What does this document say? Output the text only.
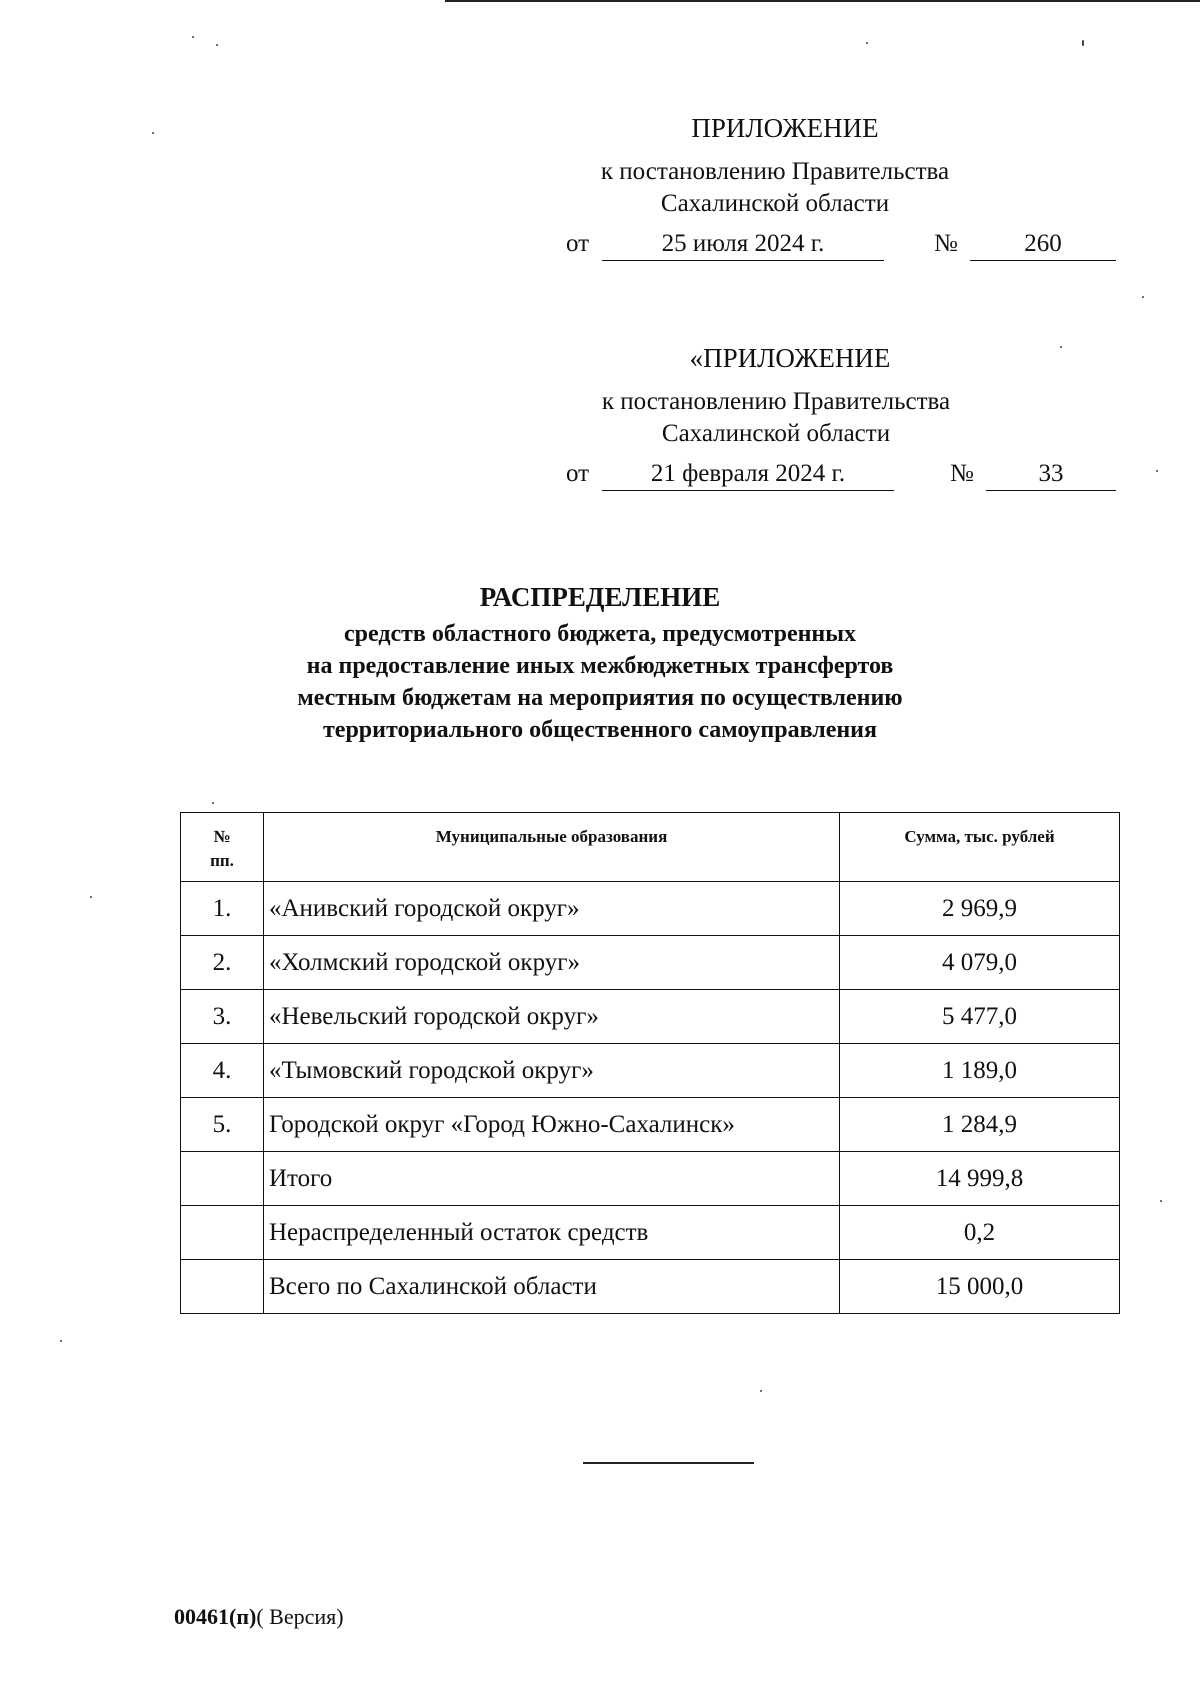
ПРИЛОЖЕНИЕ
к постановлению Правительства
Сахалинской области
от	25 июля 2024 г.	№	260
«ПРИЛОЖЕНИЕ
к постановлению Правительства
Сахалинской области
от	21 февраля 2024 г.	№	33
РАСПРЕДЕЛЕНИЕ
средств областного бюджета, предусмотренных
на предоставление иных межбюджетных трансфертов
местным бюджетам на мероприятия по осуществлению
территориального общественного самоуправления
№
пп.	Муниципальные образования	Сумма, тыс. рублей
1.	«Анивский городской округ»	2 969,9
2.	«Холмский городской округ»	4 079,0
3.	«Невельский городской округ»	5 477,0
4.	«Тымовский городской округ»	1 189,0
5.	Городской округ «Город Южно-Сахалинск»	1 284,9
	Итого	14 999,8
	Нераспределенный остаток средств	0,2
	Всего по Сахалинской области	15 000,0
00461(п)( Версия)
